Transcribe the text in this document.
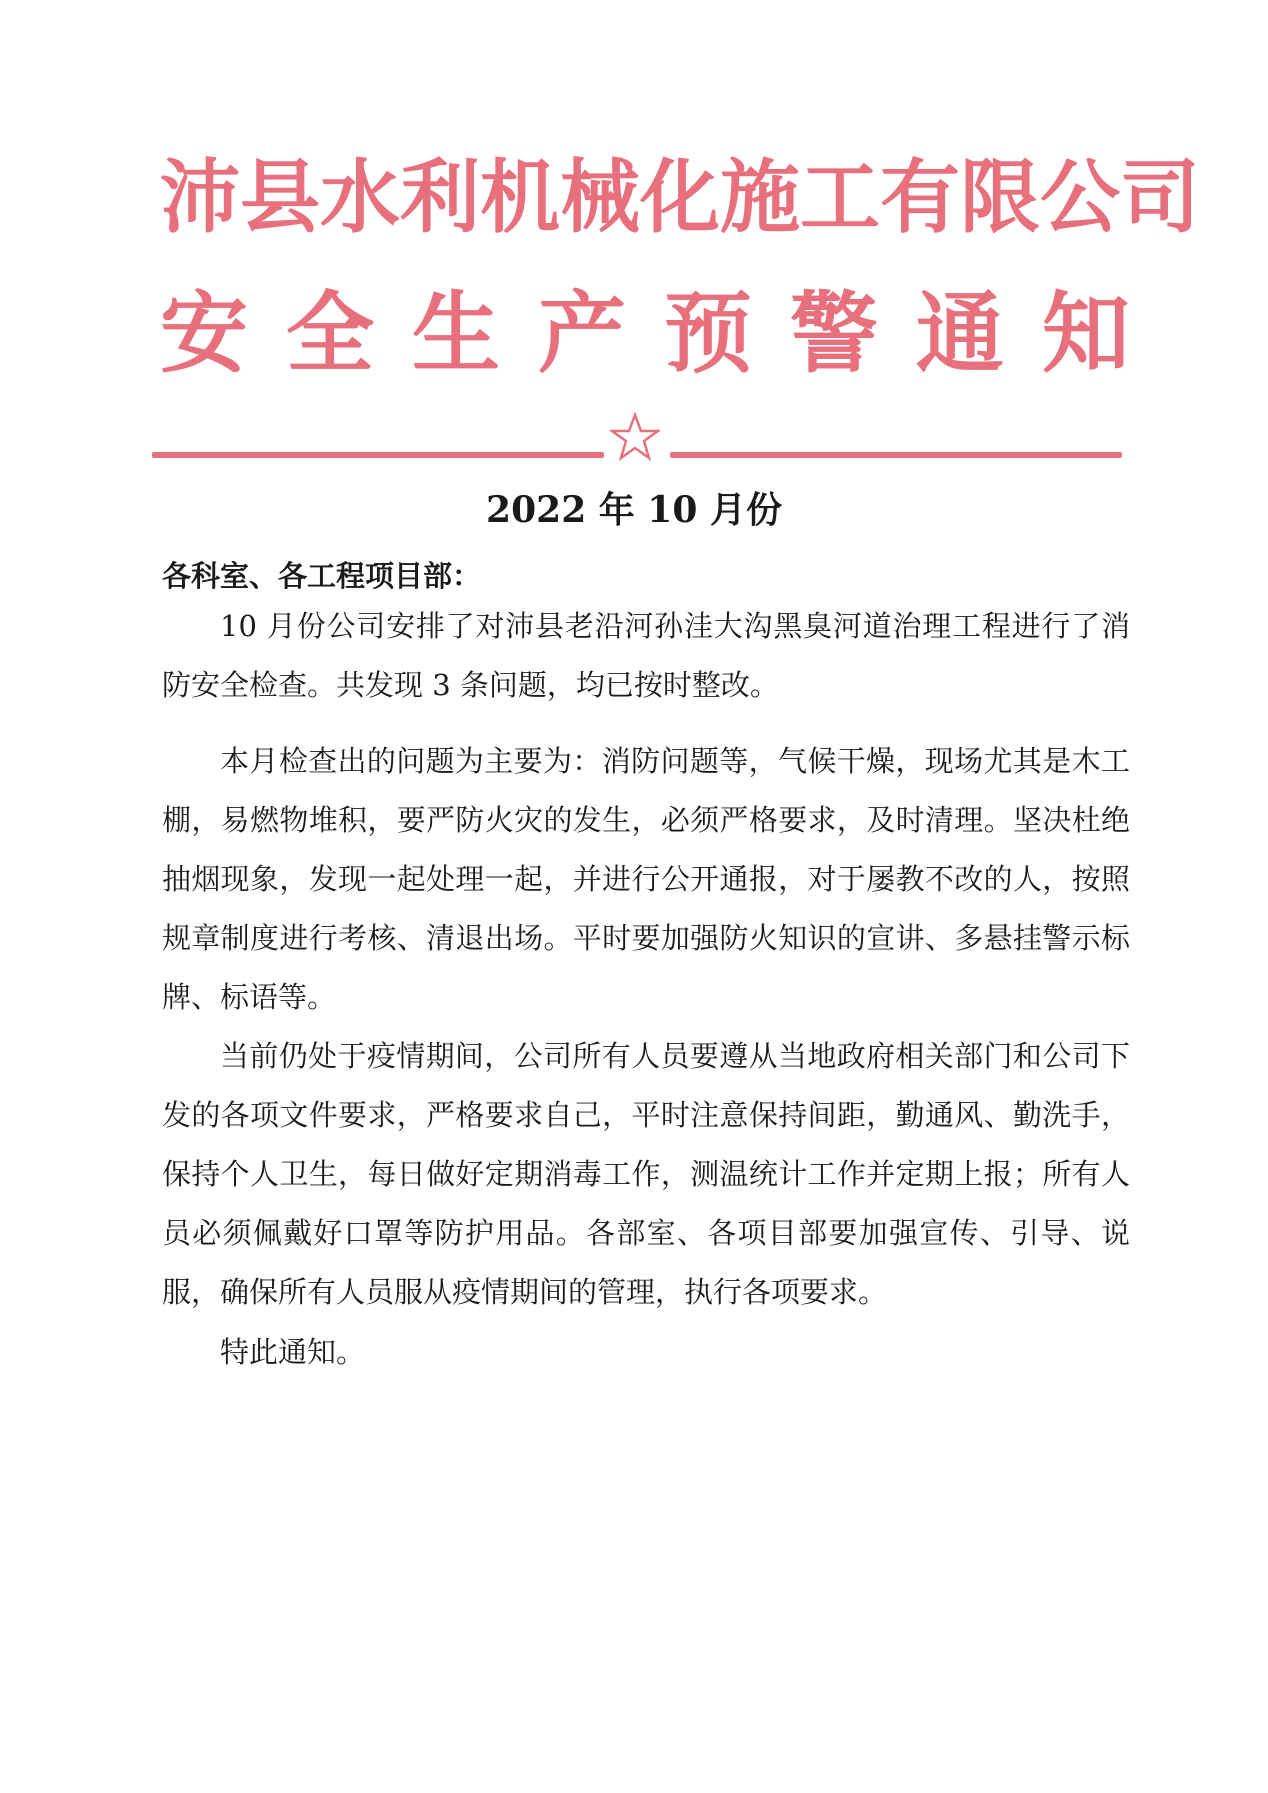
沛 县 水 利 机 械 化 施 工 有 限 公 司
安 全 生 产 预 警 通 知
2022 年 10 月份
各科室、各工程项目部：

10 月份公司安排了对沛县老沿河孙洼大沟黑臭河道治理工程进行了消防安全检查。共发现 3 条问题，均已按时整改。

本月检查出的问题为主要为：消防问题等，气候干燥，现场尤其是木工棚，易燃物堆积，要严防火灾的发生，必须严格要求，及时清理。坚决杜绝抽烟现象，发现一起处理一起，并进行公开通报，对于屡教不改的人，按照规章制度进行考核、清退出场。平时要加强防火知识的宣讲、多悬挂警示标牌、标语等。

当前仍处于疫情期间，公司所有人员要遵从当地政府相关部门和公司下发的各项文件要求，严格要求自己，平时注意保持间距，勤通风、勤洗手，保持个人卫生，每日做好定期消毒工作，测温统计工作并定期上报；所有人员必须佩戴好口罩等防护用品。各部室、各项目部要加强宣传、引导、说服，确保所有人员服从疫情期间的管理，执行各项要求。

特此通知。
